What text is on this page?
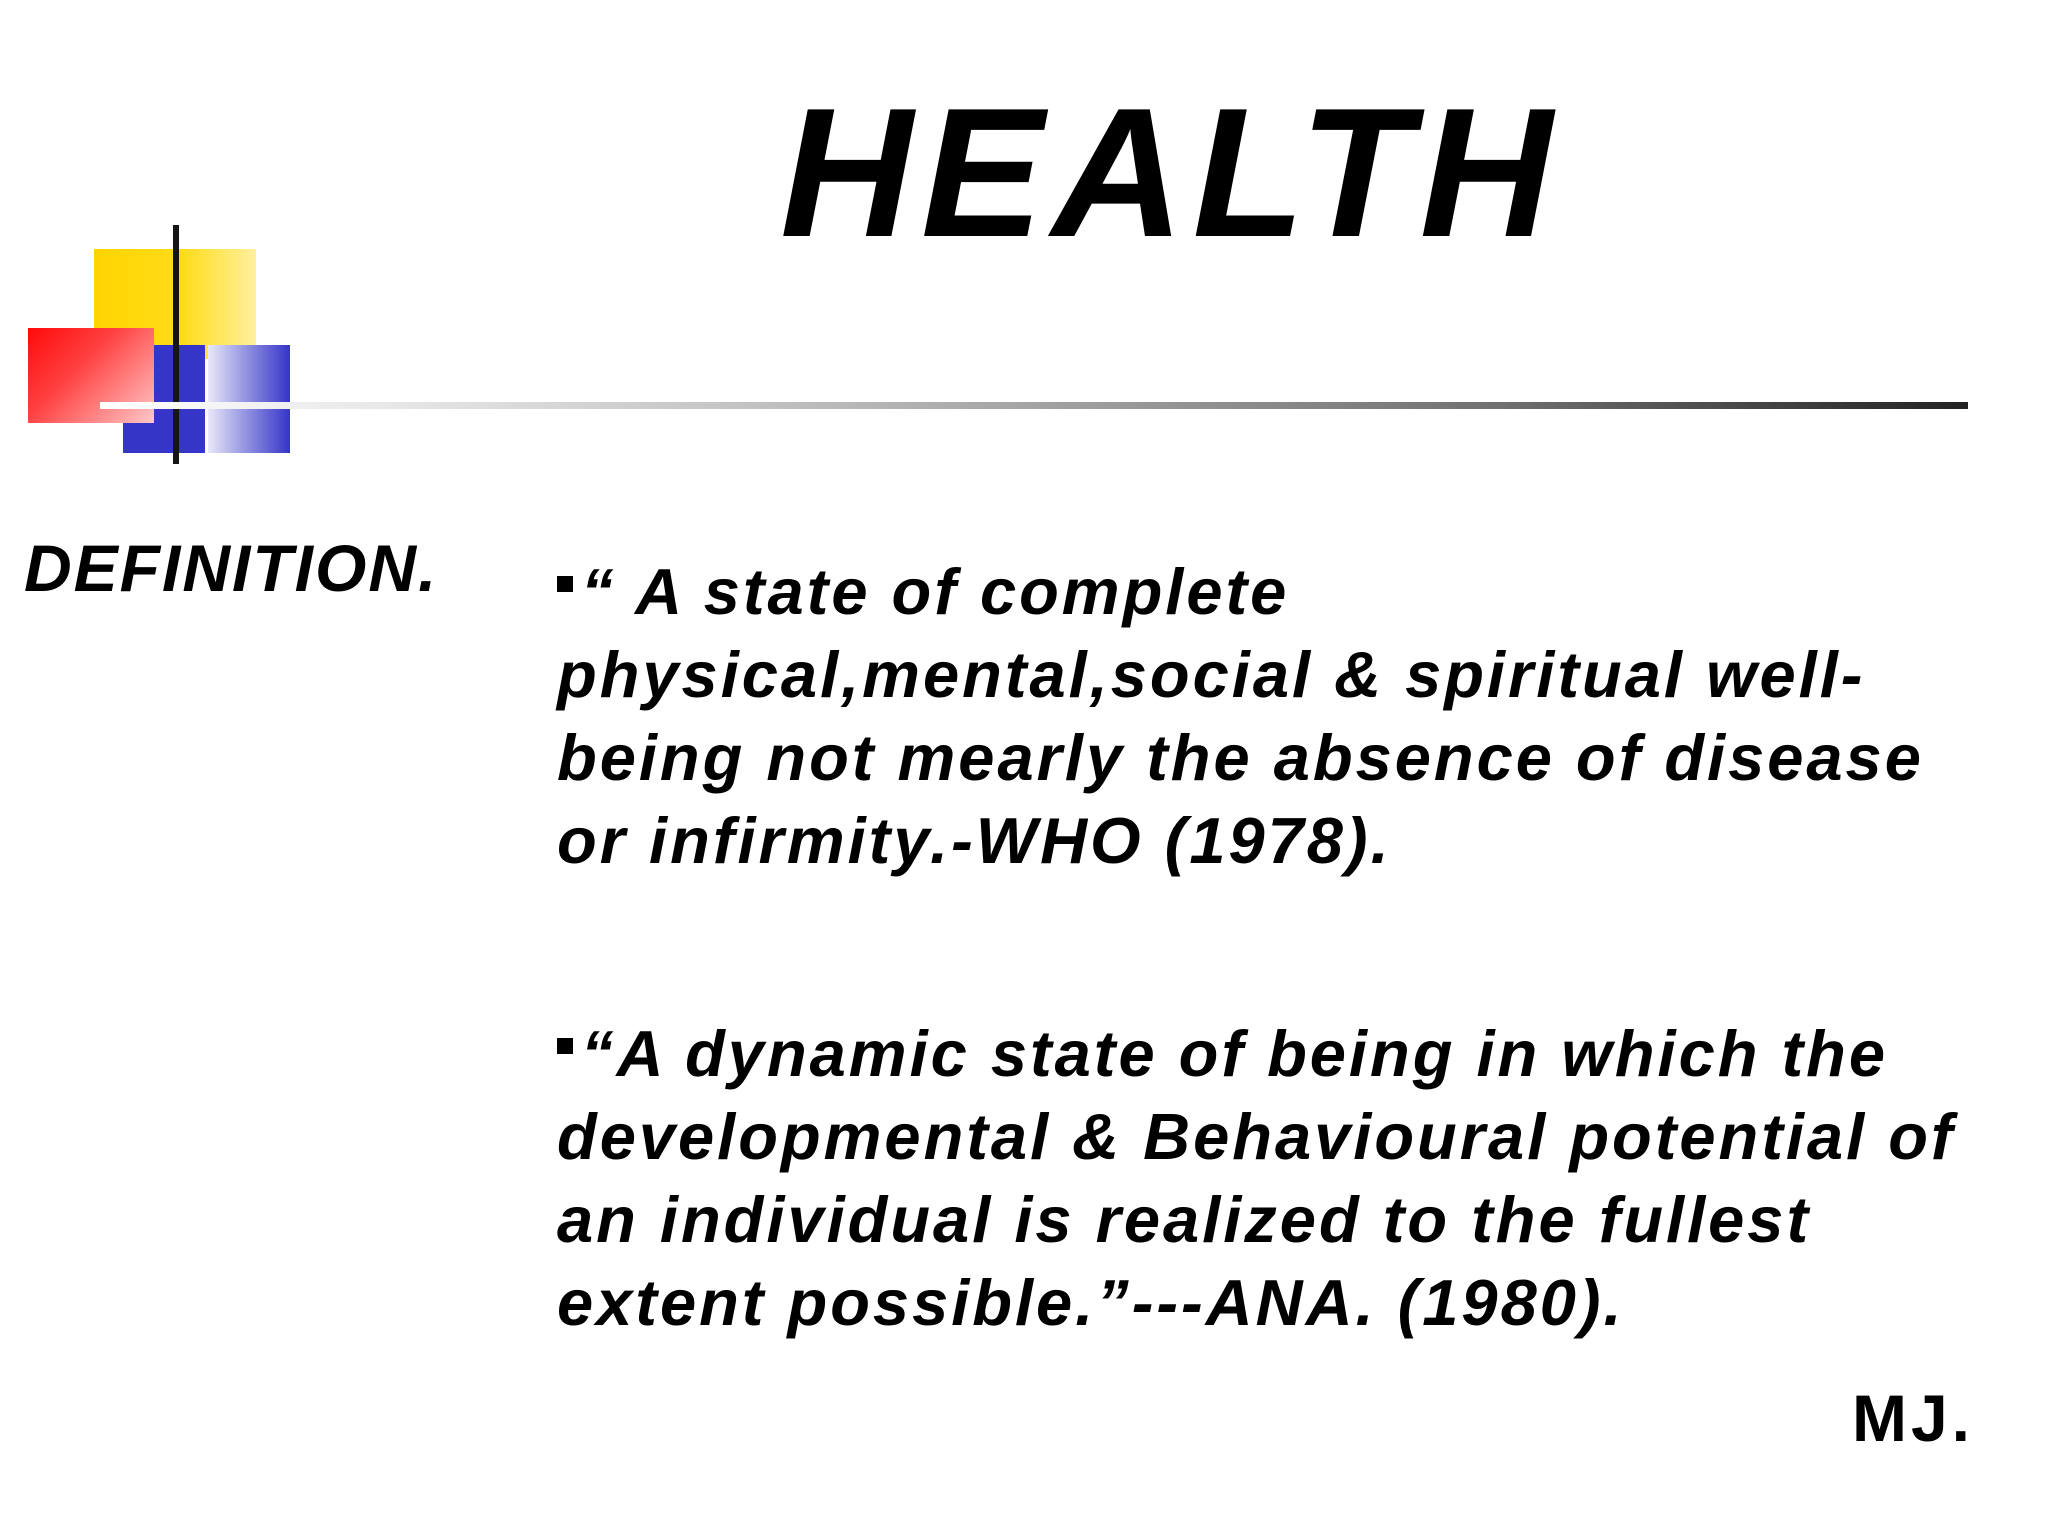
HEALTH
DEFINITION.	“ A state of complete physical,mental,social & spiritual well-being not mearly the absence of disease or infirmity.-WHO (1978).
“A dynamic state of being in which the developmental & Behavioural potential of an individual is realized to the fullest extent possible.”---ANA. (1980).
MJ.
